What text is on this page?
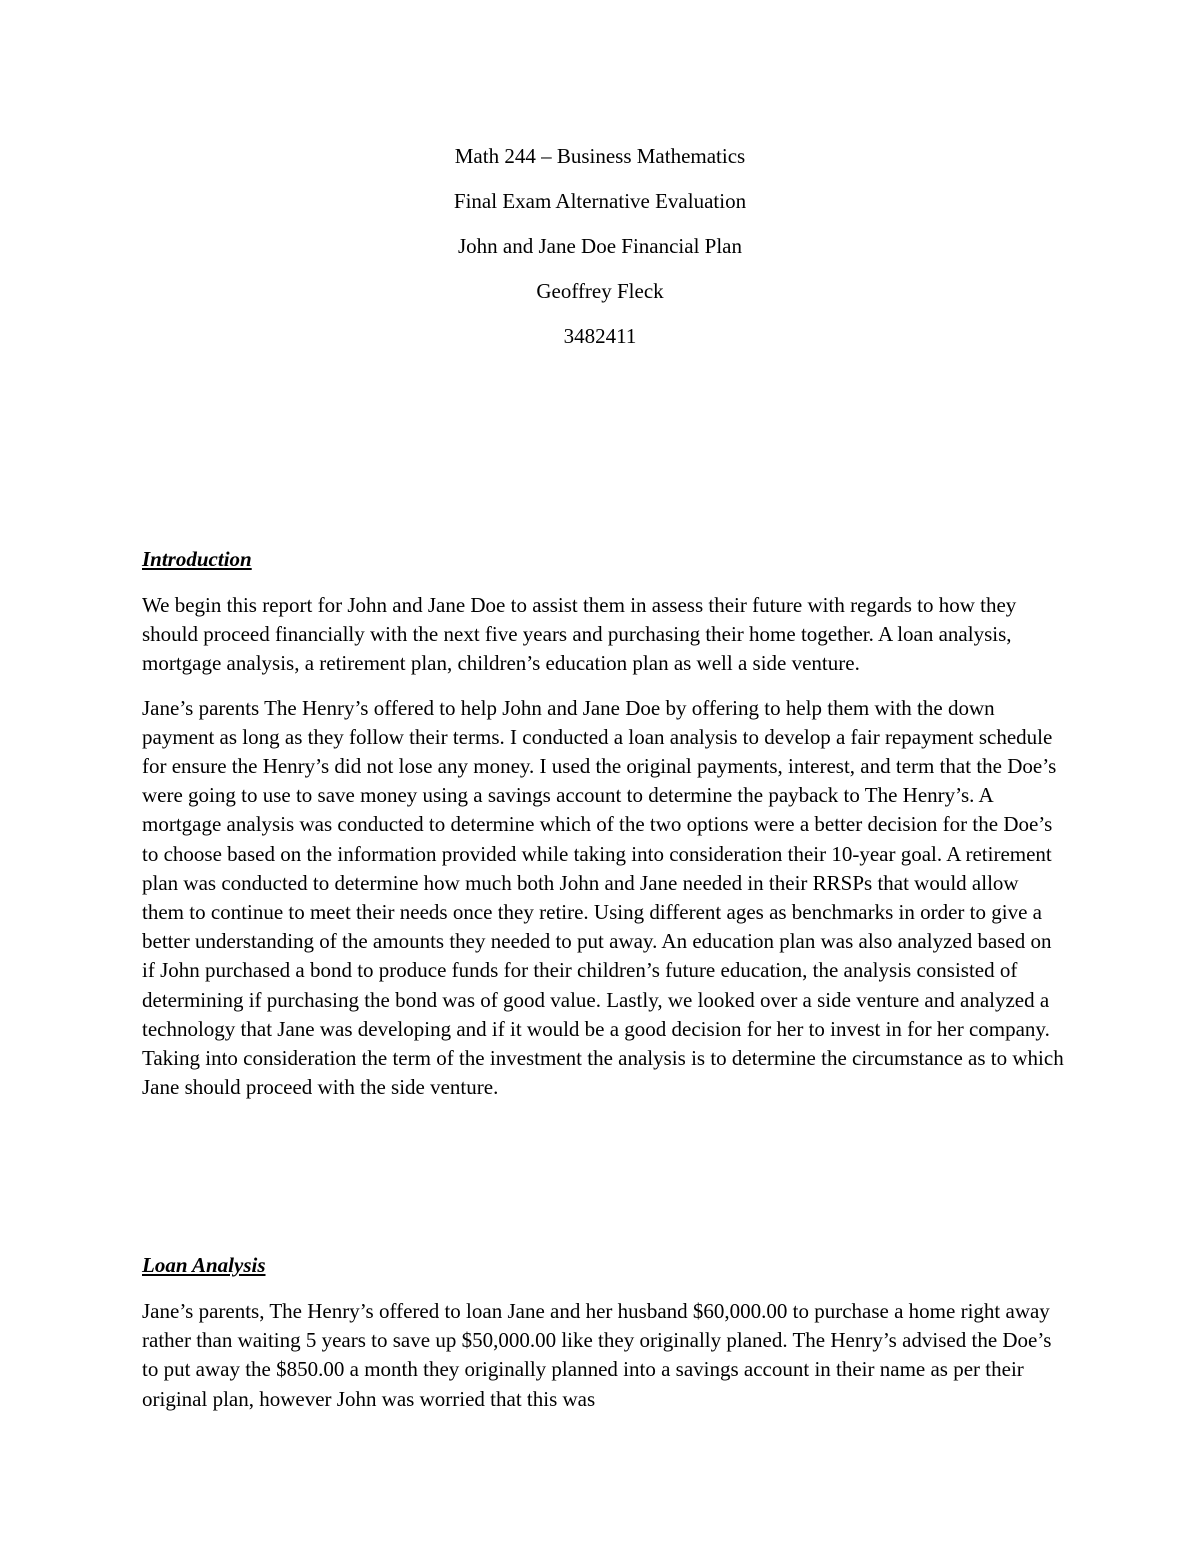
Math 244 – Business Mathematics

Final Exam Alternative Evaluation

John and Jane Doe Financial Plan

Geoffrey Fleck

3482411

Introduction

We begin this report for John and Jane Doe to assist them in assess their future with regards to how they should proceed financially with the next five years and purchasing their home together. A loan analysis, mortgage analysis, a retirement plan, children’s education plan as well a side venture.

Jane’s parents The Henry’s offered to help John and Jane Doe by offering to help them with the down payment as long as they follow their terms. I conducted a loan analysis to develop a fair repayment schedule for ensure the Henry’s did not lose any money. I used the original payments, interest, and term that the Doe’s were going to use to save money using a savings account to determine the payback to The Henry’s. A mortgage analysis was conducted to determine which of the two options were a better decision for the Doe’s to choose based on the information provided while taking into consideration their 10-year goal. A retirement plan was conducted to determine how much both John and Jane needed in their RRSPs that would allow them to continue to meet their needs once they retire. Using different ages as benchmarks in order to give a better understanding of the amounts they needed to put away. An education plan was also analyzed based on if John purchased a bond to produce funds for their children’s future education, the analysis consisted of determining if purchasing the bond was of good value. Lastly, we looked over a side venture and analyzed a technology that Jane was developing and if it would be a good decision for her to invest in for her company. Taking into consideration the term of the investment the analysis is to determine the circumstance as to which Jane should proceed with the side venture.

Loan Analysis

Jane’s parents, The Henry’s offered to loan Jane and her husband $60,000.00 to purchase a home right away rather than waiting 5 years to save up $50,000.00 like they originally planed. The Henry’s advised the Doe’s to put away the $850.00 a month they originally planned into a savings account in their name as per their original plan, however John was worried that this was
